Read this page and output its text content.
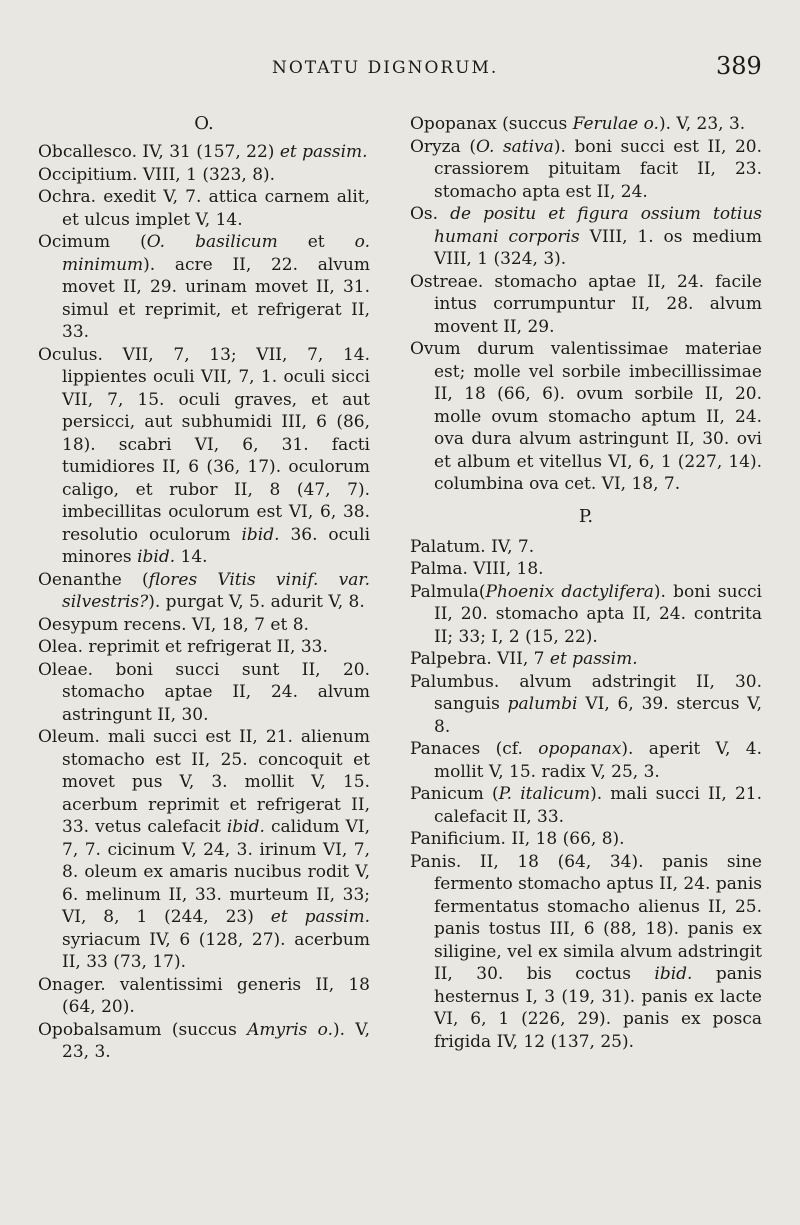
NOTATU DIGNORUM.	389
O.
Obcallesco. IV, 31 (157, 22) et passim.
Occipitium. VIII, 1 (323, 8).
Ochra. exedit V, 7. attica carnem alit, et ulcus implet V, 14.
Ocimum (O. basilicum et o. minimum). acre II, 22. alvum movet II, 29. urinam movet II, 31. simul et reprimit, et refrigerat II, 33.
Oculus. VII, 7, 13; VII, 7, 14. lippientes oculi VII, 7, 1. oculi sicci VII, 7, 15. oculi graves, et aut persicci, aut subhumidi III, 6 (86, 18). scabri VI, 6, 31. facti tumidiores II, 6 (36, 17). oculorum caligo, et rubor II, 8 (47, 7). imbecillitas oculorum est VI, 6, 38. resolutio oculorum ibid. 36. oculi minores ibid. 14.
Oenanthe (flores Vitis vinif. var. silvestris?). purgat V, 5. adurit V, 8.
Oesypum recens. VI, 18, 7 et 8.
Olea. reprimit et refrigerat II, 33.
Oleae. boni succi sunt II, 20. stomacho aptae II, 24. alvum astringunt II, 30.
Oleum. mali succi est II, 21. alienum stomacho est II, 25. concoquit et movet pus V, 3. mollit V, 15. acerbum reprimit et refrigerat II, 33. vetus calefacit ibid. calidum VI, 7, 7. cicinum V, 24, 3. irinum VI, 7, 8. oleum ex amaris nucibus rodit V, 6. melinum II, 33. murteum II, 33; VI, 8, 1 (244, 23) et passim. syriacum IV, 6 (128, 27). acerbum II, 33 (73, 17).
Onager. valentissimi generis II, 18 (64, 20).
Opobalsamum (succus Amyris o.). V, 23, 3.
Opopanax (succus Ferulae o.). V, 23, 3.
Oryza (O. sativa). boni succi est II, 20. crassiorem pituitam facit II, 23. stomacho apta est II, 24.
Os. de positu et figura ossium totius humani corporis VIII, 1. os medium VIII, 1 (324, 3).
Ostreae. stomacho aptae II, 24. facile intus corrumpuntur II, 28. alvum movent II, 29.
Ovum durum valentissimae materiae est; molle vel sorbile imbecillissimae II, 18 (66, 6). ovum sorbile II, 20. molle ovum stomacho aptum II, 24. ova dura alvum astringunt II, 30. ovi et album et vitellus VI, 6, 1 (227, 14). columbina ova cet. VI, 18, 7.
P.
Palatum. IV, 7.
Palma. VIII, 18.
Palmula(Phoenix dactylifera). boni succi II, 20. stomacho apta II, 24. contrita II; 33; I, 2 (15, 22).
Palpebra. VII, 7 et passim.
Palumbus. alvum adstringit II, 30. sanguis palumbi VI, 6, 39. stercus V, 8.
Panaces (cf. opopanax). aperit V, 4. mollit V, 15. radix V, 25, 3.
Panicum (P. italicum). mali succi II, 21. calefacit II, 33.
Panificium. II, 18 (66, 8).
Panis. II, 18 (64, 34). panis sine fermento stomacho aptus II, 24. panis fermentatus stomacho alienus II, 25. panis tostus III, 6 (88, 18). panis ex siligine, vel ex simila alvum adstringit II, 30. bis coctus ibid. panis hesternus I, 3 (19, 31). panis ex lacte VI, 6, 1 (226, 29). panis ex posca frigida IV, 12 (137, 25).
